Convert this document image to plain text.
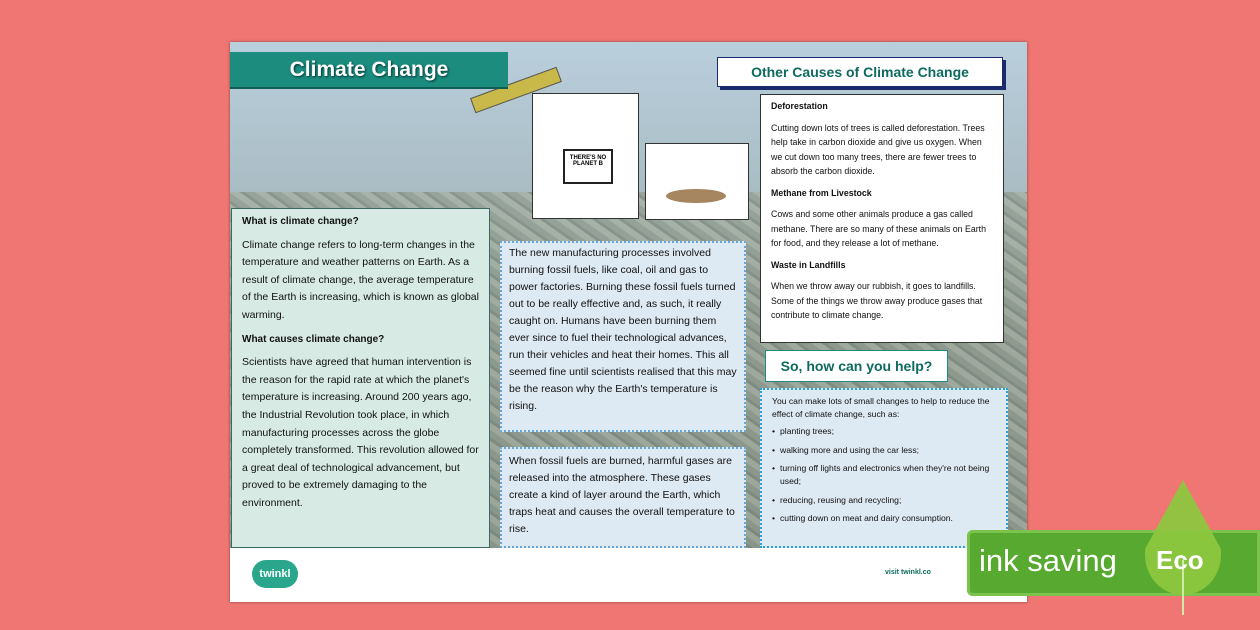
Climate Change	Other Causes of Climate Change
THERE'S NO PLANET B
What is climate change?

Climate change refers to long-term changes in the temperature and weather patterns on Earth. As a result of climate change, the average temperature of the Earth is increasing, which is known as global warming.

What causes climate change?

Scientists have agreed that human intervention is the reason for the rapid rate at which the planet's temperature is increasing. Around 200 years ago, the Industrial Revolution took place, in which manufacturing processes across the globe completely transformed. This revolution allowed for a great deal of technological advancement, but proved to be extremely damaging to the environment.

The new manufacturing processes involved burning fossil fuels, like coal, oil and gas to power factories. Burning these fossil fuels turned out to be really effective and, as such, it really caught on. Humans have been burning them ever since to fuel their technological advances, run their vehicles and heat their homes. This all seemed fine until scientists realised that this may be the reason why the Earth's temperature is rising.
When fossil fuels are burned, harmful gases are released into the atmosphere. These gases create a kind of layer around the Earth, which traps heat and causes the overall temperature to rise.
Deforestation

Cutting down lots of trees is called deforestation. Trees help take in carbon dioxide and give us oxygen. When we cut down too many trees, there are fewer trees to absorb the carbon dioxide.

Methane from Livestock

Cows and some other animals produce a gas called methane. There are so many of these animals on Earth for food, and they release a lot of methane.

Waste in Landfills

When we throw away our rubbish, it goes to landfills. Some of the things we throw away produce gases that contribute to climate change.

So, how can you help?
You can make lots of small changes to help to reduce the effect of climate change, such as:
• planting trees;
• walking more and using the car less;
• turning off lights and electronics when they're not being used;
• reducing, reusing and recycling;
• cutting down on meat and dairy consumption.
twinkl	visit twinkl.co ink saving Eco
